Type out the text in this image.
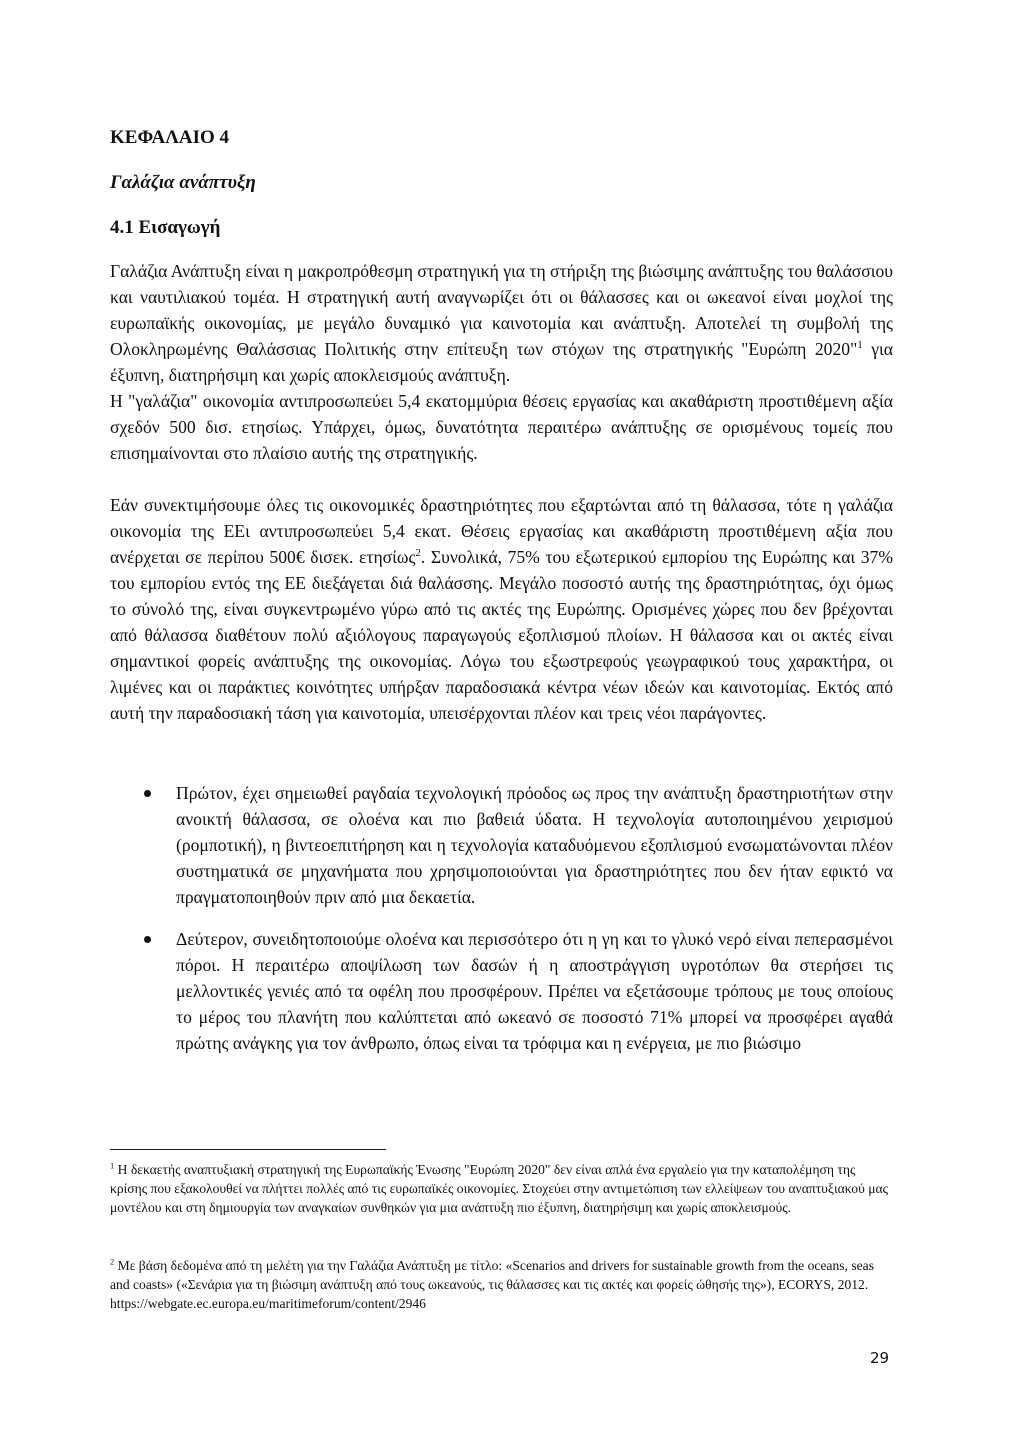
ΚΕΦΑΛΑΙΟ 4
Γαλάζια ανάπτυξη
4.1 Εισαγωγή
Γαλάζια Ανάπτυξη είναι η μακροπρόθεσμη στρατηγική για τη στήριξη της βιώσιμης ανάπτυξης του θαλάσσιου και ναυτιλιακού τομέα. Η στρατηγική αυτή αναγνωρίζει ότι οι θάλασσες και οι ωκεανοί είναι μοχλοί της ευρωπαϊκής οικονομίας, με μεγάλο δυναμικό για καινοτομία και ανάπτυξη. Αποτελεί τη συμβολή της Ολοκληρωμένης Θαλάσσιας Πολιτικής στην επίτευξη των στόχων της στρατηγικής "Ευρώπη 2020"$^1$ για έξυπνη, διατηρήσιμη και χωρίς αποκλεισμούς ανάπτυξη.
Η "γαλάζια" οικονομία αντιπροσωπεύει 5,4 εκατομμύρια θέσεις εργασίας και ακαθάριστη προστιθέμενη αξία σχεδόν 500 δισ. ετησίως. Υπάρχει, όμως, δυνατότητα περαιτέρω ανάπτυξης σε ορισμένους τομείς που επισημαίνονται στο πλαίσιο αυτής της στρατηγικής.

Εάν συνεκτιμήσουμε όλες τις οικονομικές δραστηριότητες που εξαρτώνται από τη θάλασσα, τότε η γαλάζια οικονομία της ΕΕι αντιπροσωπεύει 5,4 εκατ. Θέσεις εργασίας και ακαθάριστη προστιθέμενη αξία που ανέρχεται σε περίπου 500€ δισεκ. ετησίως$^2$. Συνολικά, 75% του εξωτερικού εμπορίου της Ευρώπης και 37% του εμπορίου εντός της ΕΕ διεξάγεται διά θαλάσσης. Μεγάλο ποσοστό αυτής της δραστηριότητας, όχι όμως το σύνολό της, είναι συγκεντρωμένο γύρω από τις ακτές της Ευρώπης. Ορισμένες χώρες που δεν βρέχονται από θάλασσα διαθέτουν πολύ αξιόλογους παραγωγούς εξοπλισμού πλοίων. Η θάλασσα και οι ακτές είναι σημαντικοί φορείς ανάπτυξης της οικονομίας. Λόγω του εξωστρεφούς γεωγραφικού τους χαρακτήρα, οι λιμένες και οι παράκτιες κοινότητες υπήρξαν παραδοσιακά κέντρα νέων ιδεών και καινοτομίας. Εκτός από αυτή την παραδοσιακή τάση για καινοτομία, υπεισέρχονται πλέον και τρεις νέοι παράγοντες.

Πρώτον, έχει σημειωθεί ραγδαία τεχνολογική πρόοδος ως προς την ανάπτυξη δραστηριοτήτων στην ανοικτή θάλασσα, σε ολοένα και πιο βαθειά ύδατα. Η τεχνολογία αυτοποιημένου χειρισμού (ρομποτική), η βιντεοεπιτήρηση και η τεχνολογία καταδυόμενου εξοπλισμού ενσωματώνονται πλέον συστηματικά σε μηχανήματα που χρησιμοποιούνται για δραστηριότητες που δεν ήταν εφικτό να πραγματοποιηθούν πριν από μια δεκαετία.
Δεύτερον, συνειδητοποιούμε ολοένα και περισσότερο ότι η γη και το γλυκό νερό είναι πεπερασμένοι πόροι. Η περαιτέρω αποψίλωση των δασών ή η αποστράγγιση υγροτόπων θα στερήσει τις μελλοντικές γενιές από τα οφέλη που προσφέρουν. Πρέπει να εξετάσουμε τρόπους με τους οποίους το μέρος του πλανήτη που καλύπτεται από ωκεανό σε ποσοστό 71% μπορεί να προσφέρει αγαθά πρώτης ανάγκης για τον άνθρωπο, όπως είναι τα τρόφιμα και η ενέργεια, με πιο βιώσιμο

$^1$ Η δεκαετής αναπτυξιακή στρατηγική της Ευρωπαϊκής Ένωσης "Ευρώπη 2020" δεν είναι απλά ένα εργαλείο για την καταπολέμηση της κρίσης που εξακολουθεί να πλήττει πολλές από τις ευρωπαϊκές οικονομίες. Στοχεύει στην αντιμετώπιση των ελλείψεων του αναπτυξιακού μας μοντέλου και στη δημιουργία των αναγκαίων συνθηκών για μια ανάπτυξη πιο έξυπνη, διατηρήσιμη και χωρίς αποκλεισμούς.

$^2$ Με βάση δεδομένα από τη μελέτη για την Γαλάζια Ανάπτυξη με τίτλο: «Scenarios and drivers for sustainable growth from the oceans, seas and coasts» («Σενάρια για τη βιώσιμη ανάπτυξη από τους ωκεανούς, τις θάλασσες και τις ακτές και φορείς ώθησής της»), ECORYS, 2012.
https://webgate.ec.europa.eu/maritimeforum/content/2946

29
